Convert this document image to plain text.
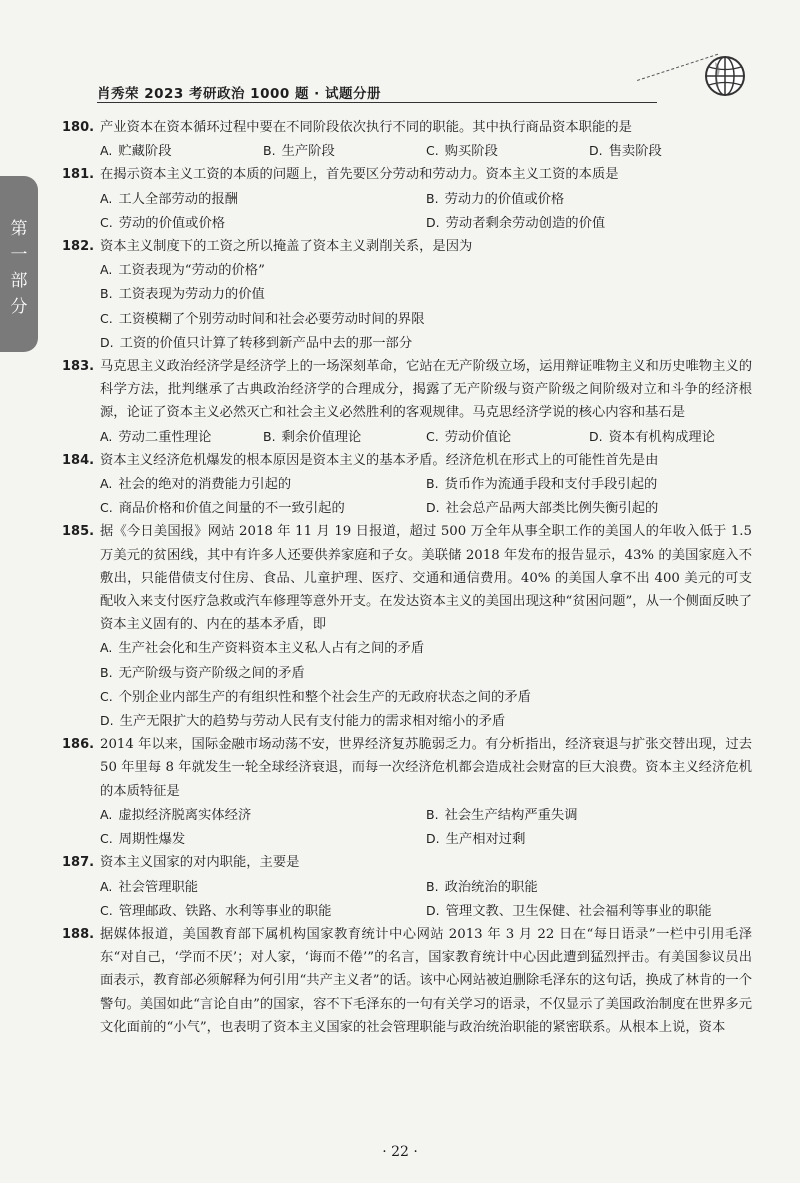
肖秀荣 2023 考研政治 1000 题 · 试题分册
第
一
部
分
180. 产业资本在资本循环过程中要在不同阶段依次执行不同的职能。其中执行商品资本职能的是
A. 贮藏阶段	B. 生产阶段	C. 购买阶段	D. 售卖阶段
181. 在揭示资本主义工资的本质的问题上，首先要区分劳动和劳动力。资本主义工资的本质是
A. 工人全部劳动的报酬	B. 劳动力的价值或价格
C. 劳动的价值或价格	D. 劳动者剩余劳动创造的价值
182. 资本主义制度下的工资之所以掩盖了资本主义剥削关系，是因为
A. 工资表现为“劳动的价格”
B. 工资表现为劳动力的价值
C. 工资模糊了个别劳动时间和社会必要劳动时间的界限
D. 工资的价值只计算了转移到新产品中去的那一部分
183. 马克思主义政治经济学是经济学上的一场深刻革命，它站在无产阶级立场，运用辩证唯物主义和历史唯物主义的科学方法，批判继承了古典政治经济学的合理成分，揭露了无产阶级与资产阶级之间阶级对立和斗争的经济根源，论证了资本主义必然灭亡和社会主义必然胜利的客观规律。马克思经济学说的核心内容和基石是
A. 劳动二重性理论	B. 剩余价值理论	C. 劳动价值论	D. 资本有机构成理论
184. 资本主义经济危机爆发的根本原因是资本主义的基本矛盾。经济危机在形式上的可能性首先是由
A. 社会的绝对的消费能力引起的	B. 货币作为流通手段和支付手段引起的
C. 商品价格和价值之间量的不一致引起的	D. 社会总产品两大部类比例失衡引起的
185. 据《今日美国报》网站 2018 年 11 月 19 日报道，超过 500 万全年从事全职工作的美国人的年收入低于 1.5 万美元的贫困线，其中有许多人还要供养家庭和子女。美联储 2018 年发布的报告显示，43% 的美国家庭入不敷出，只能借债支付住房、食品、儿童护理、医疗、交通和通信费用。40% 的美国人拿不出 400 美元的可支配收入来支付医疗急救或汽车修理等意外开支。在发达资本主义的美国出现这种“贫困问题”，从一个侧面反映了资本主义固有的、内在的基本矛盾，即
A. 生产社会化和生产资料资本主义私人占有之间的矛盾
B. 无产阶级与资产阶级之间的矛盾
C. 个别企业内部生产的有组织性和整个社会生产的无政府状态之间的矛盾
D. 生产无限扩大的趋势与劳动人民有支付能力的需求相对缩小的矛盾
186. 2014 年以来，国际金融市场动荡不安，世界经济复苏脆弱乏力。有分析指出，经济衰退与扩张交替出现，过去 50 年里每 8 年就发生一轮全球经济衰退，而每一次经济危机都会造成社会财富的巨大浪费。资本主义经济危机的本质特征是
A. 虚拟经济脱离实体经济	B. 社会生产结构严重失调
C. 周期性爆发	D. 生产相对过剩
187. 资本主义国家的对内职能，主要是
A. 社会管理职能	B. 政治统治的职能
C. 管理邮政、铁路、水利等事业的职能	D. 管理文教、卫生保健、社会福利等事业的职能
188. 据媒体报道，美国教育部下属机构国家教育统计中心网站 2013 年 3 月 22 日在“每日语录”一栏中引用毛泽东“对自己，‘学而不厌’；对人家，‘诲而不倦’”的名言，国家教育统计中心因此遭到猛烈抨击。有美国参议员出面表示，教育部必须解释为何引用“共产主义者”的话。该中心网站被迫删除毛泽东的这句话，换成了林肯的一个警句。美国如此“言论自由”的国家，容不下毛泽东的一句有关学习的语录，不仅显示了美国政治制度在世界多元文化面前的“小气”，也表明了资本主义国家的社会管理职能与政治统治职能的紧密联系。从根本上说，资本
· 22 ·
